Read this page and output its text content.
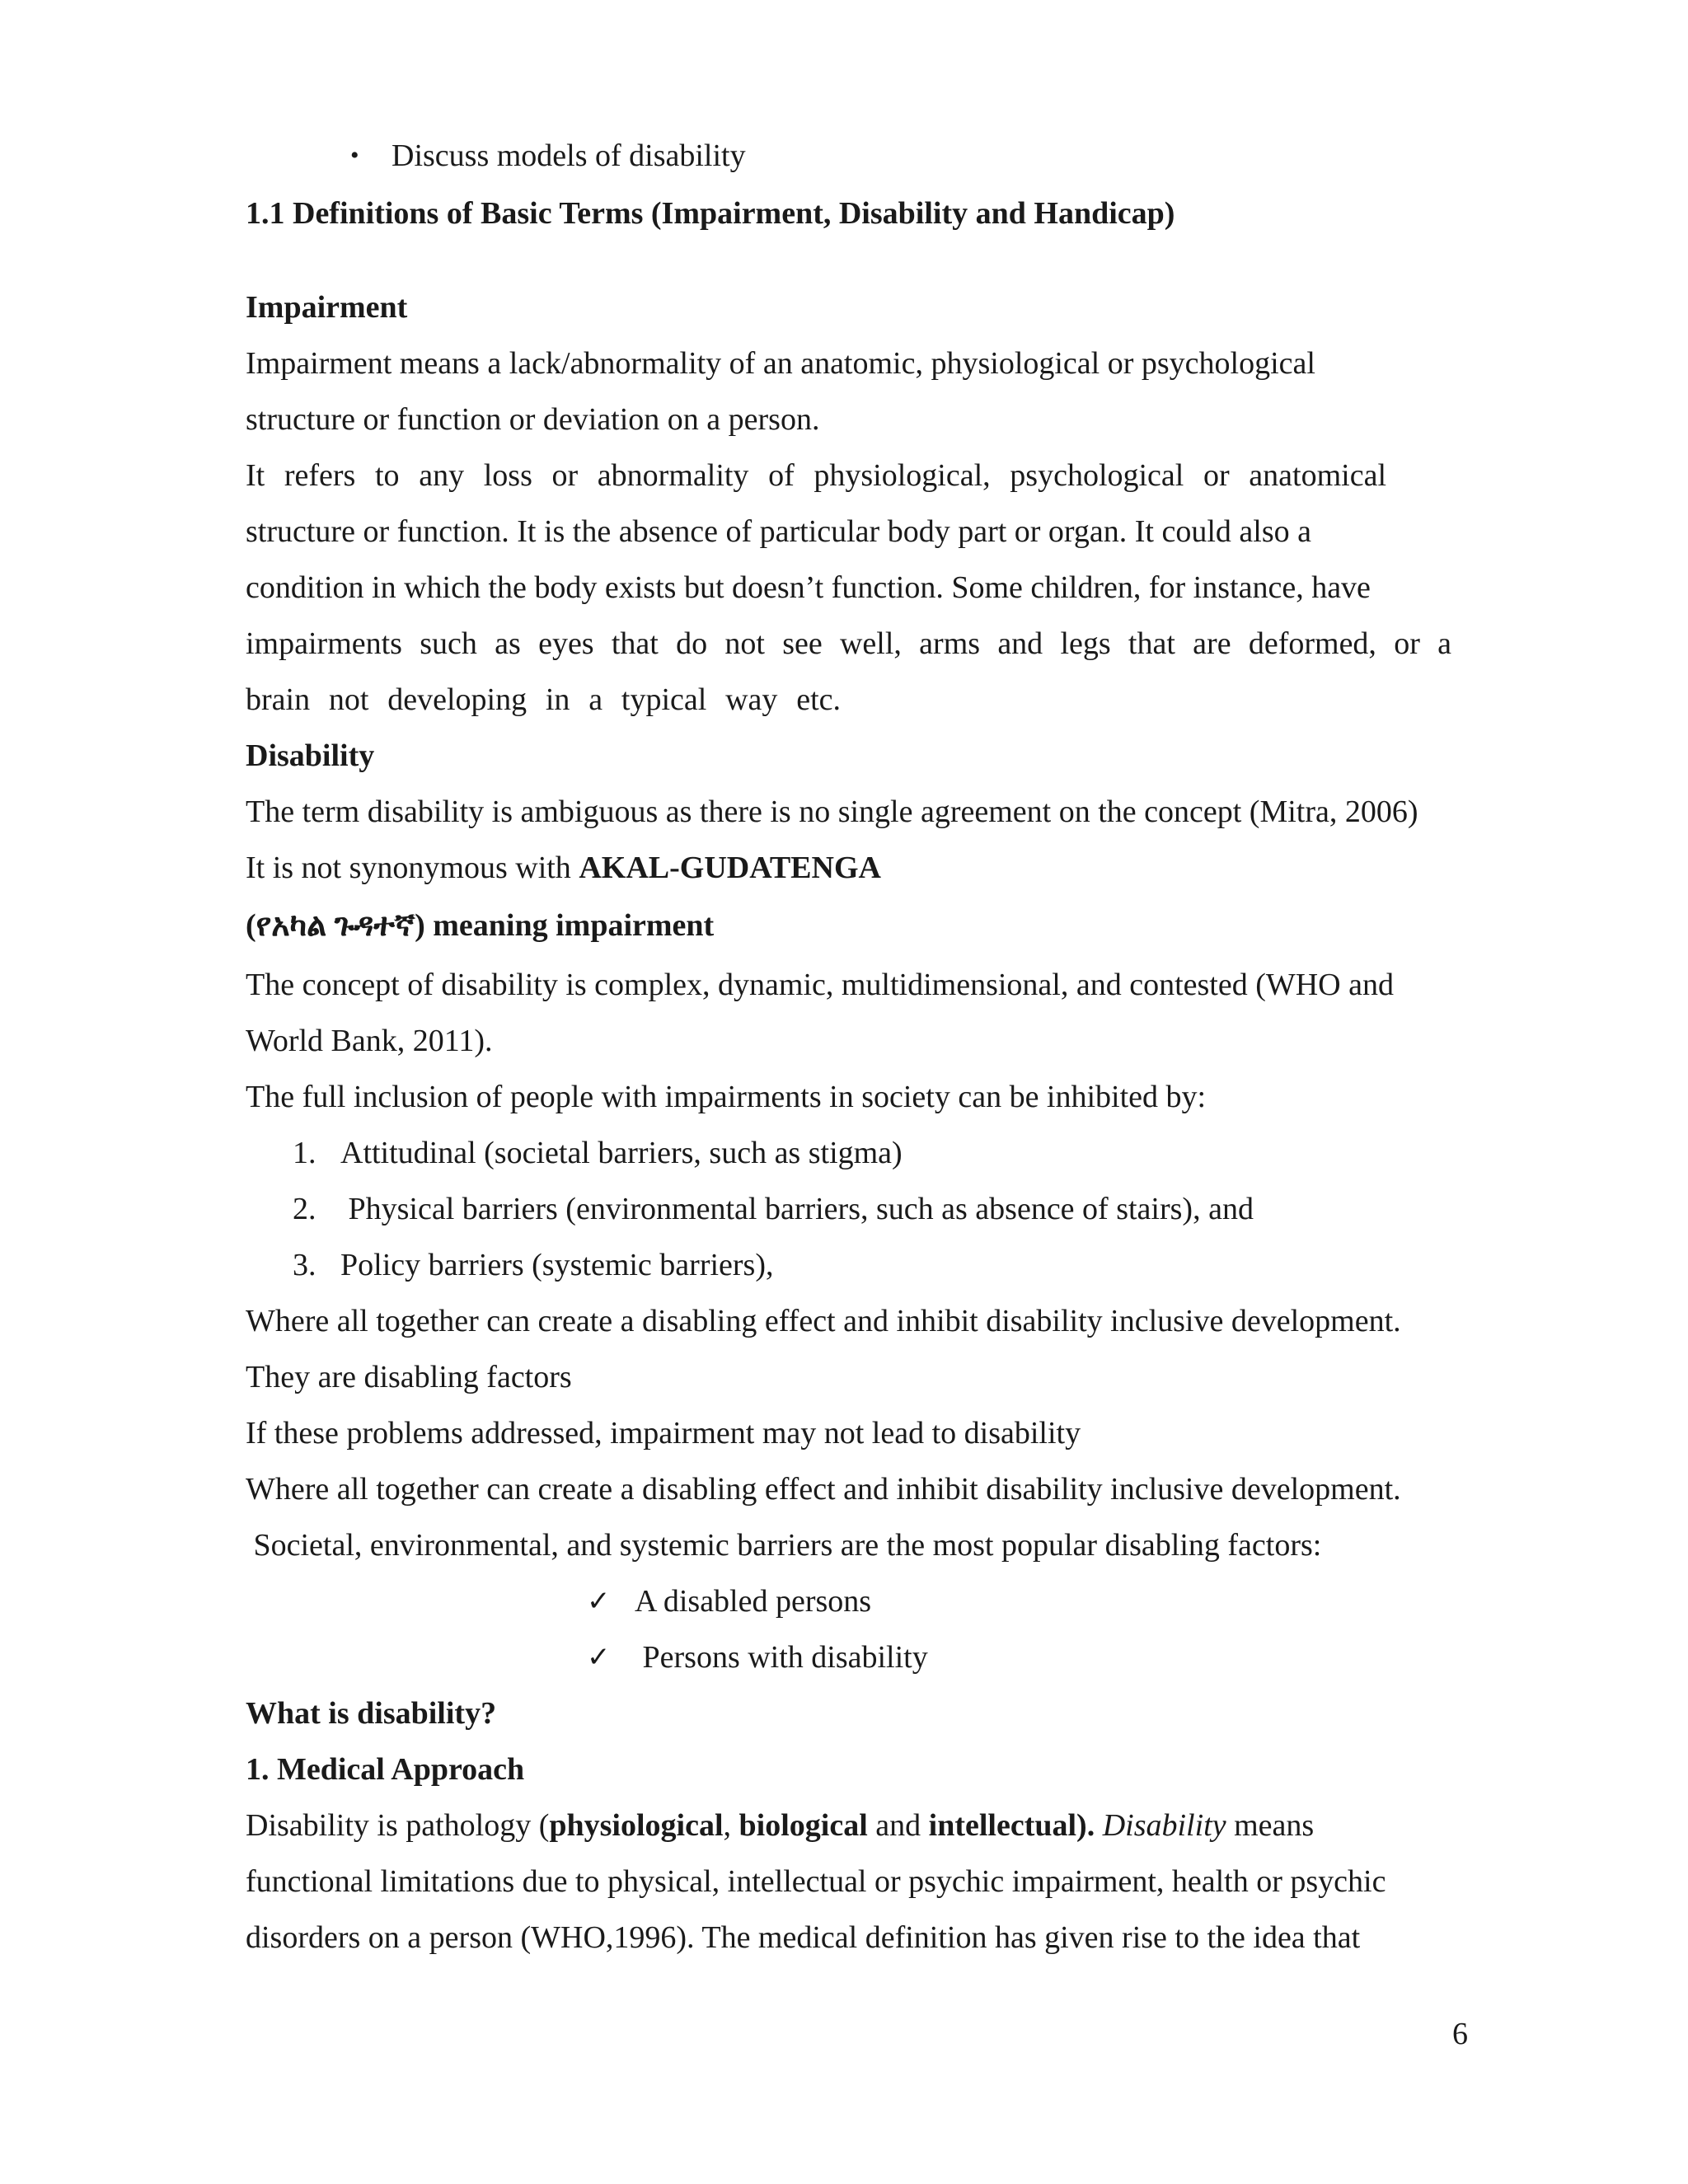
• Discuss models of disability
1.1 Definitions of Basic Terms (Impairment, Disability and Handicap)
Impairment
Impairment means a lack/abnormality of an anatomic, physiological or psychological
structure or function or deviation on a person.
It refers to any loss or abnormality of physiological, psychological or anatomical
structure or function. It is the absence of particular body part or organ. It could also a
condition in which the body exists but doesn’t function. Some children, for instance, have
impairments such as eyes that do not see well, arms and legs that are deformed, or a
brain not developing in a typical way etc.
Disability
The term disability is ambiguous as there is no single agreement on the concept (Mitra, 2006)
It is not synonymous with AKAL-GUDATENGA
(የአካል ጉዳተኛ) meaning impairment
The concept of disability is complex, dynamic, multidimensional, and contested (WHO and
World Bank, 2011).
The full inclusion of people with impairments in society can be inhibited by:
1. Attitudinal (societal barriers, such as stigma)
2. Physical barriers (environmental barriers, such as absence of stairs), and
3. Policy barriers (systemic barriers),
Where all together can create a disabling effect and inhibit disability inclusive development.
They are disabling factors
If these problems addressed, impairment may not lead to disability
Where all together can create a disabling effect and inhibit disability inclusive development.
Societal, environmental, and systemic barriers are the most popular disabling factors:
✓ A disabled persons
✓ Persons with disability
What is disability?
1. Medical Approach
Disability is pathology (physiological, biological and intellectual). Disability means
functional limitations due to physical, intellectual or psychic impairment, health or psychic
disorders on a person (WHO,1996). The medical definition has given rise to the idea that
6
